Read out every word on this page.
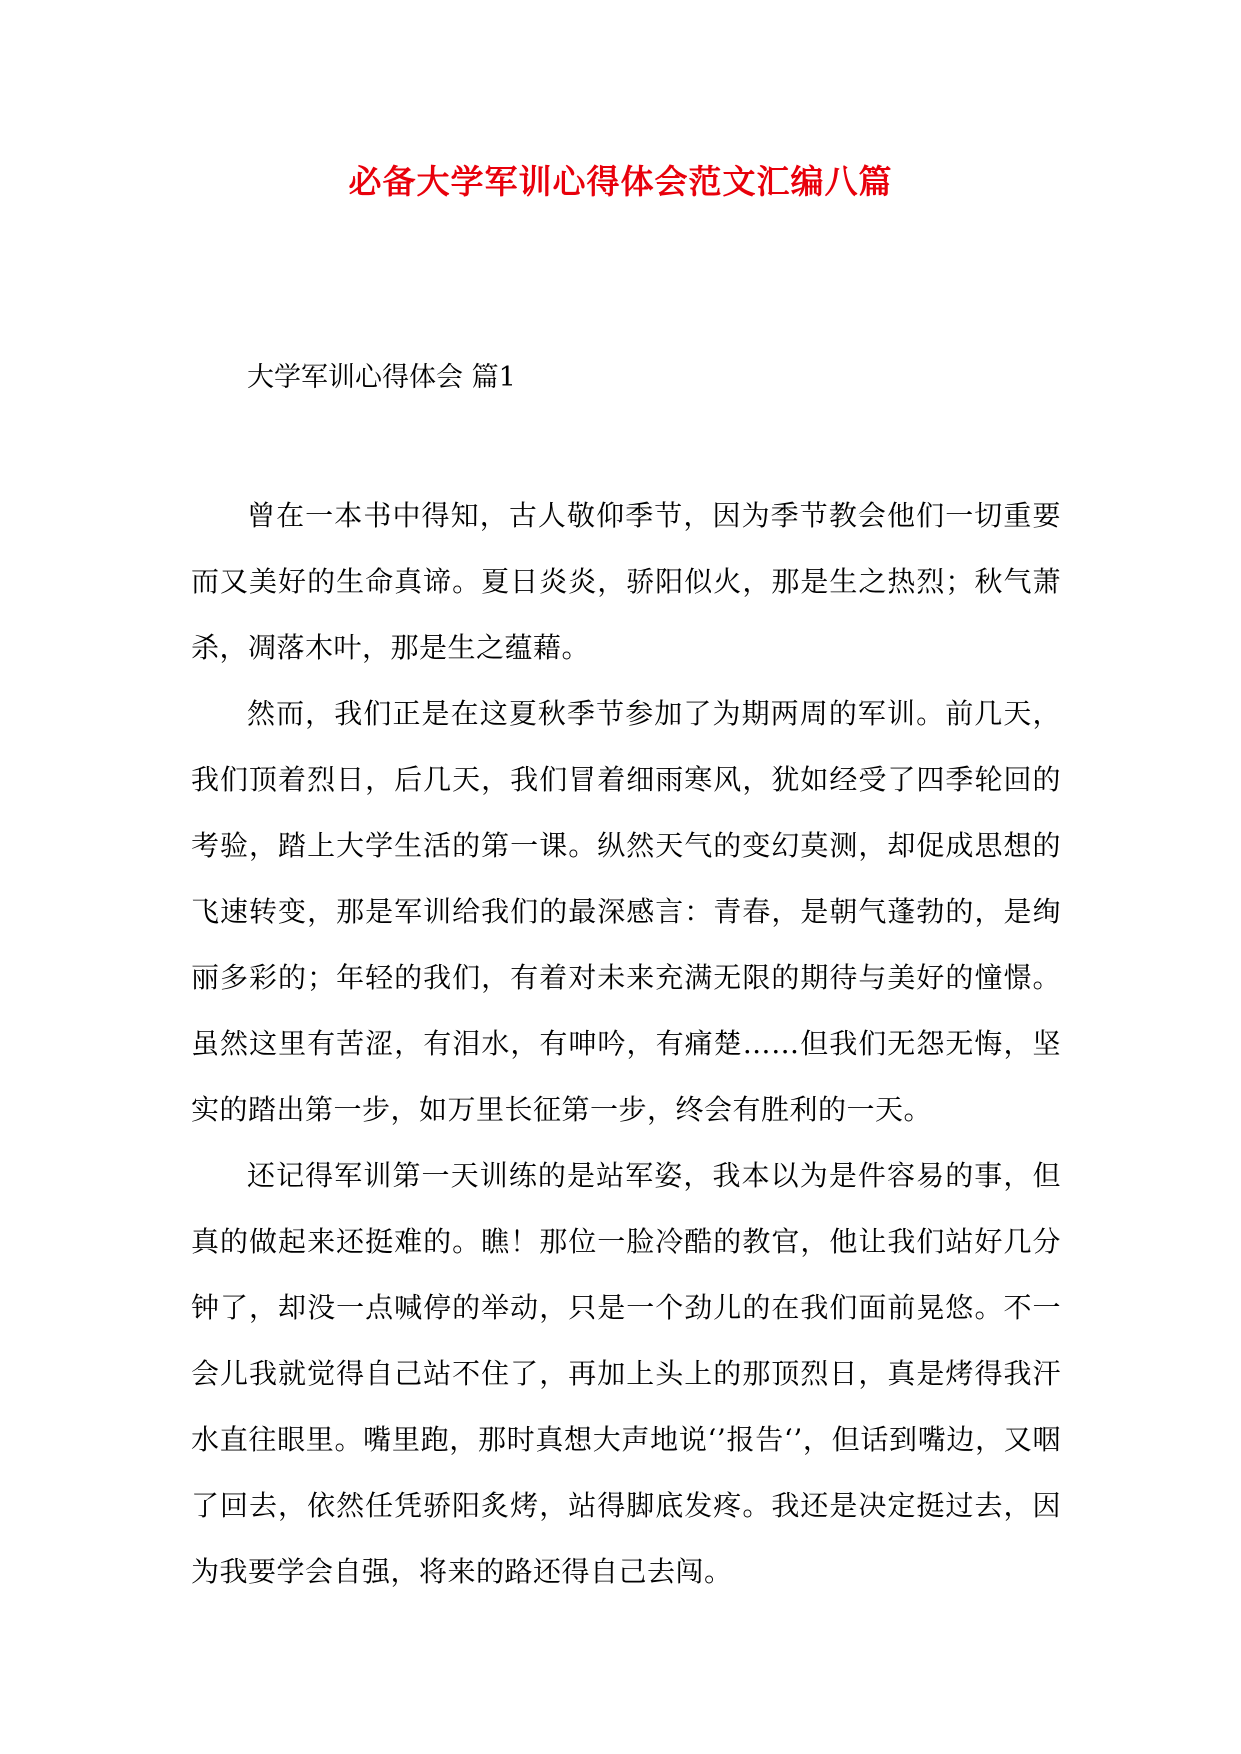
必备大学军训心得体会范文汇编八篇
大学军训心得体会 篇1

曾在一本书中得知，古人敬仰季节，因为季节教会他们一切重要而又美好的生命真谛。夏日炎炎，骄阳似火，那是生之热烈；秋气萧杀，凋落木叶，那是生之蕴藉。

然而，我们正是在这夏秋季节参加了为期两周的军训。前几天，我们顶着烈日，后几天，我们冒着细雨寒风，犹如经受了四季轮回的考验，踏上大学生活的第一课。纵然天气的变幻莫测，却促成思想的飞速转变，那是军训给我们的最深感言：青春，是朝气蓬勃的，是绚丽多彩的；年轻的我们，有着对未来充满无限的期待与美好的憧憬。虽然这里有苦涩，有泪水，有呻吟，有痛楚……但我们无怨无悔，坚实的踏出第一步，如万里长征第一步，终会有胜利的一天。

还记得军训第一天训练的是站军姿，我本以为是件容易的事，但真的做起来还挺难的。瞧！那位一脸冷酷的教官，他让我们站好几分钟了，却没一点喊停的举动，只是一个劲儿的在我们面前晃悠。不一会儿我就觉得自己站不住了，再加上头上的那顶烈日，真是烤得我汗水直往眼里。嘴里跑，那时真想大声地说‘’报告‘’，但话到嘴边，又咽了回去，依然任凭骄阳炙烤，站得脚底发疼。我还是决定挺过去，因为我要学会自强，将来的路还得自己去闯。
